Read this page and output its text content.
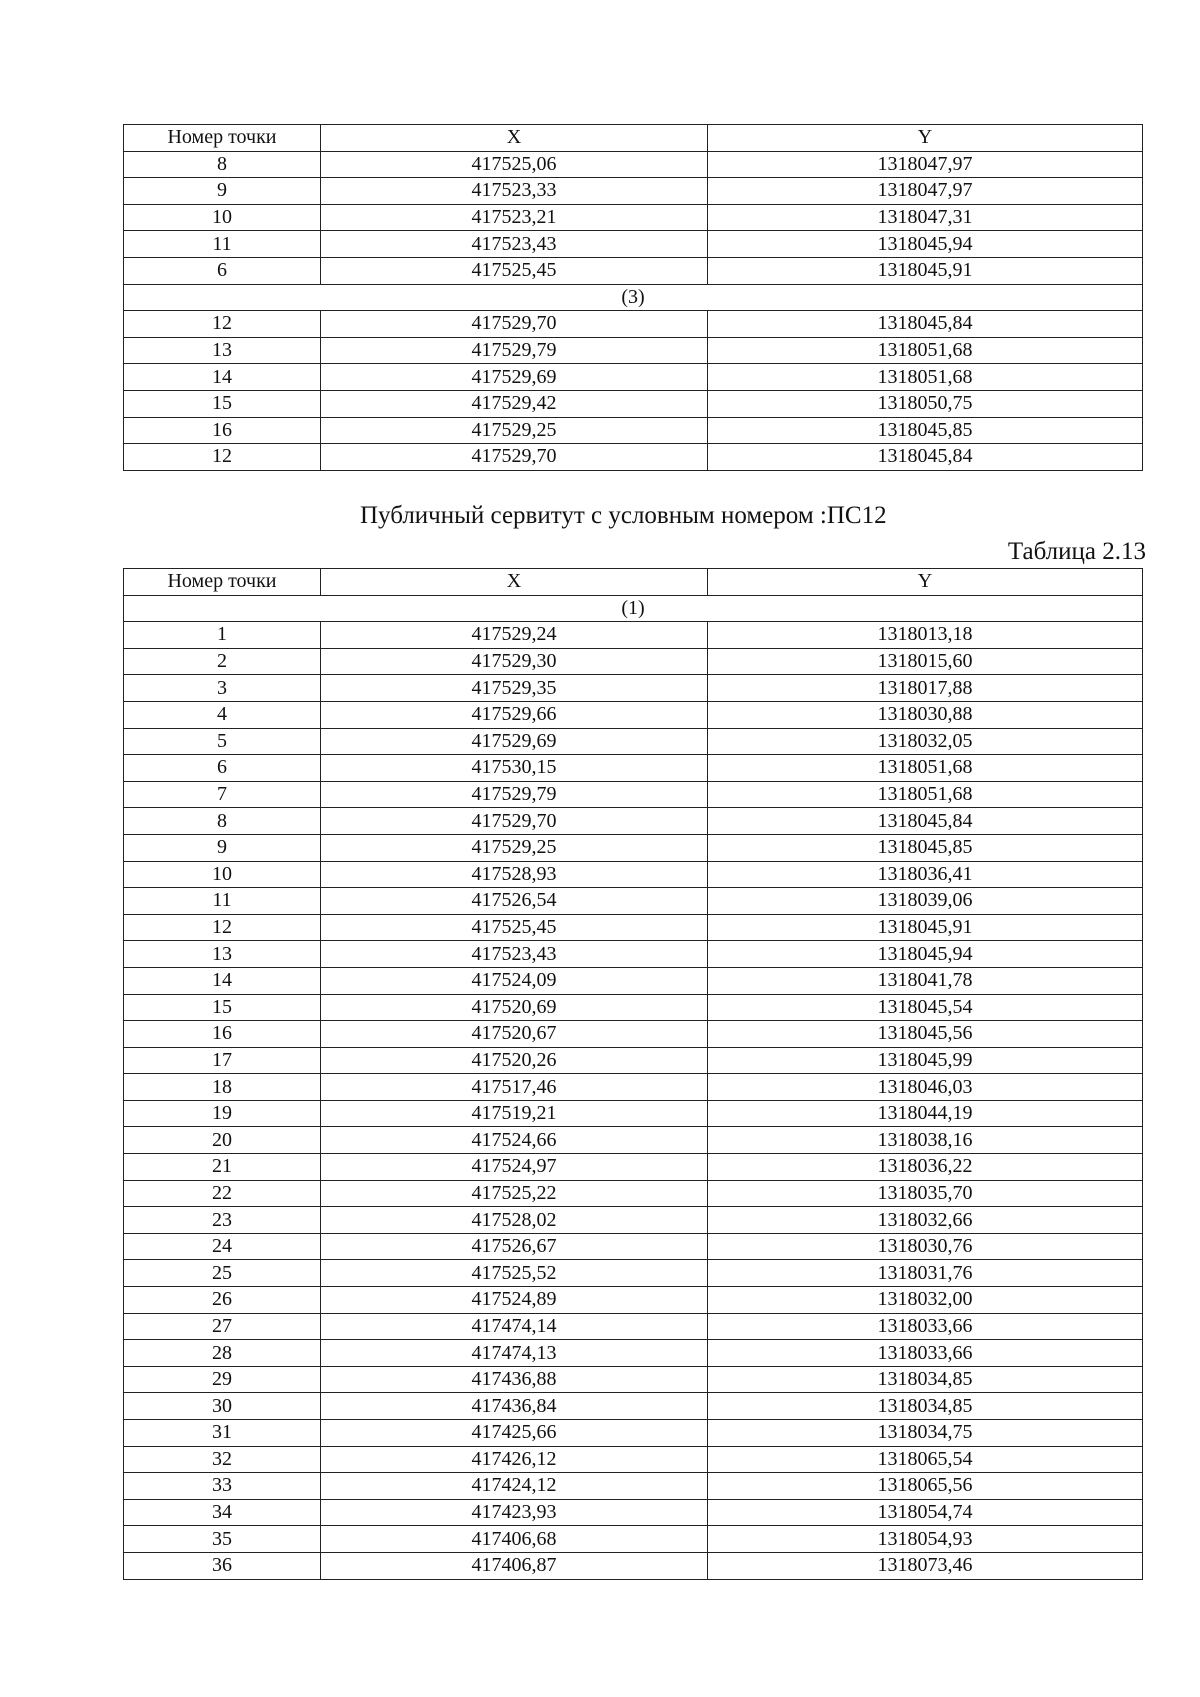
Номер точки	X	Y
8	417525,06	1318047,97
9	417523,33	1318047,97
10	417523,21	1318047,31
11	417523,43	1318045,94
6	417525,45	1318045,91
(3)		
12	417529,70	1318045,84
13	417529,79	1318051,68
14	417529,69	1318051,68
15	417529,42	1318050,75
16	417529,25	1318045,85
12	417529,70	1318045,84
Публичный сервитут с условным номером :ПС12
Таблица 2.13
Номер точки	X	Y
(1)		
1	417529,24	1318013,18
2	417529,30	1318015,60
3	417529,35	1318017,88
4	417529,66	1318030,88
5	417529,69	1318032,05
6	417530,15	1318051,68
7	417529,79	1318051,68
8	417529,70	1318045,84
9	417529,25	1318045,85
10	417528,93	1318036,41
11	417526,54	1318039,06
12	417525,45	1318045,91
13	417523,43	1318045,94
14	417524,09	1318041,78
15	417520,69	1318045,54
16	417520,67	1318045,56
17	417520,26	1318045,99
18	417517,46	1318046,03
19	417519,21	1318044,19
20	417524,66	1318038,16
21	417524,97	1318036,22
22	417525,22	1318035,70
23	417528,02	1318032,66
24	417526,67	1318030,76
25	417525,52	1318031,76
26	417524,89	1318032,00
27	417474,14	1318033,66
28	417474,13	1318033,66
29	417436,88	1318034,85
30	417436,84	1318034,85
31	417425,66	1318034,75
32	417426,12	1318065,54
33	417424,12	1318065,56
34	417423,93	1318054,74
35	417406,68	1318054,93
36	417406,87	1318073,46
